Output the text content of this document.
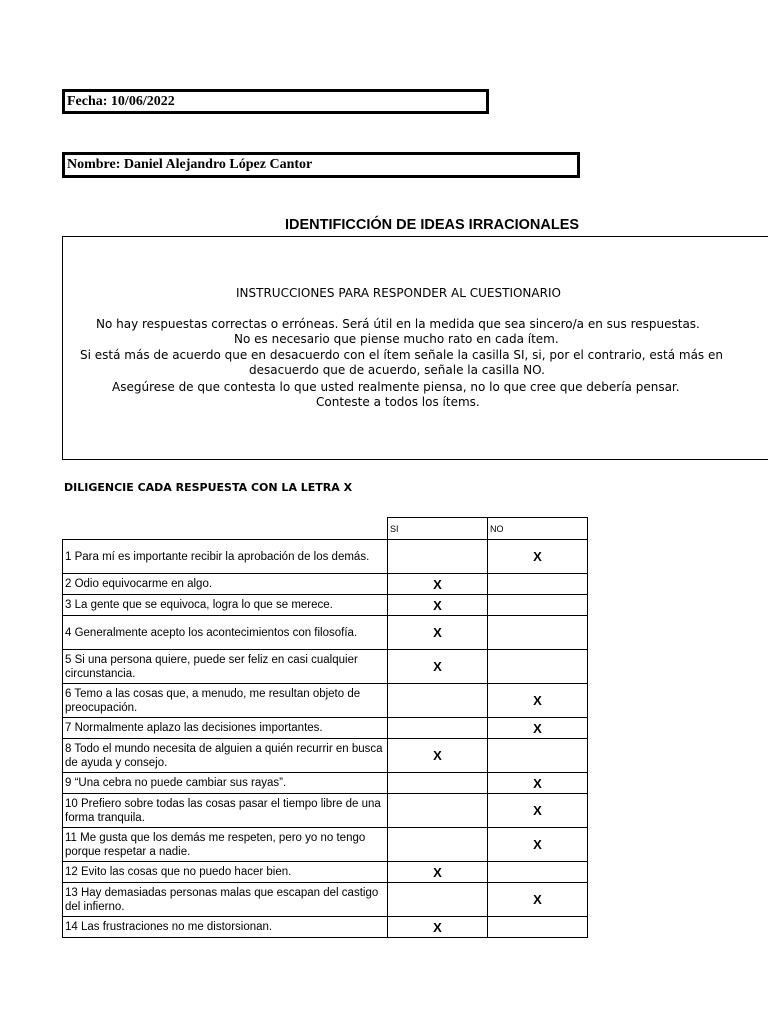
Fecha: 10/06/2022
Nombre: Daniel Alejandro López Cantor
IDENTIFICCIÓN DE IDEAS IRRACIONALES
INSTRUCCIONES PARA RESPONDER AL CUESTIONARIO
No hay respuestas correctas o erróneas. Será útil en la medida que sea sincero/a en sus respuestas.
No es necesario que piense mucho rato en cada ítem.
Si está más de acuerdo que en desacuerdo con el ítem señale la casilla SI, si, por el contrario, está más en
desacuerdo que de acuerdo, señale la casilla NO.
Asegúrese de que contesta lo que usted realmente piensa, no lo que cree que debería pensar.
Conteste a todos los ítems.
DILIGENCIE CADA RESPUESTA CON LA LETRA X
	SI	NO
1 Para mí es importante recibir la aprobación de los demás.		X
2 Odio equivocarme en algo.	X	
3 La gente que se equivoca, logra lo que se merece.	X	
4 Generalmente acepto los acontecimientos con filosofía.	X	
5 Si una persona quiere, puede ser feliz en casi cualquier circunstancia.	X	
6 Temo a las cosas que, a menudo, me resultan objeto de preocupación.		X
7 Normalmente aplazo las decisiones importantes.		X
8 Todo el mundo necesita de alguien a quién recurrir en busca de ayuda y consejo.	X	
9 “Una cebra no puede cambiar sus rayas”.		X
10 Prefiero sobre todas las cosas pasar el tiempo libre de una forma tranquila.		X
11 Me gusta que los demás me respeten, pero yo no tengo porque respetar a nadie.		X
12 Evito las cosas que no puedo hacer bien.	X	
13 Hay demasiadas personas malas que escapan del castigo del infierno.		X
14 Las frustraciones no me distorsionan.	X	
